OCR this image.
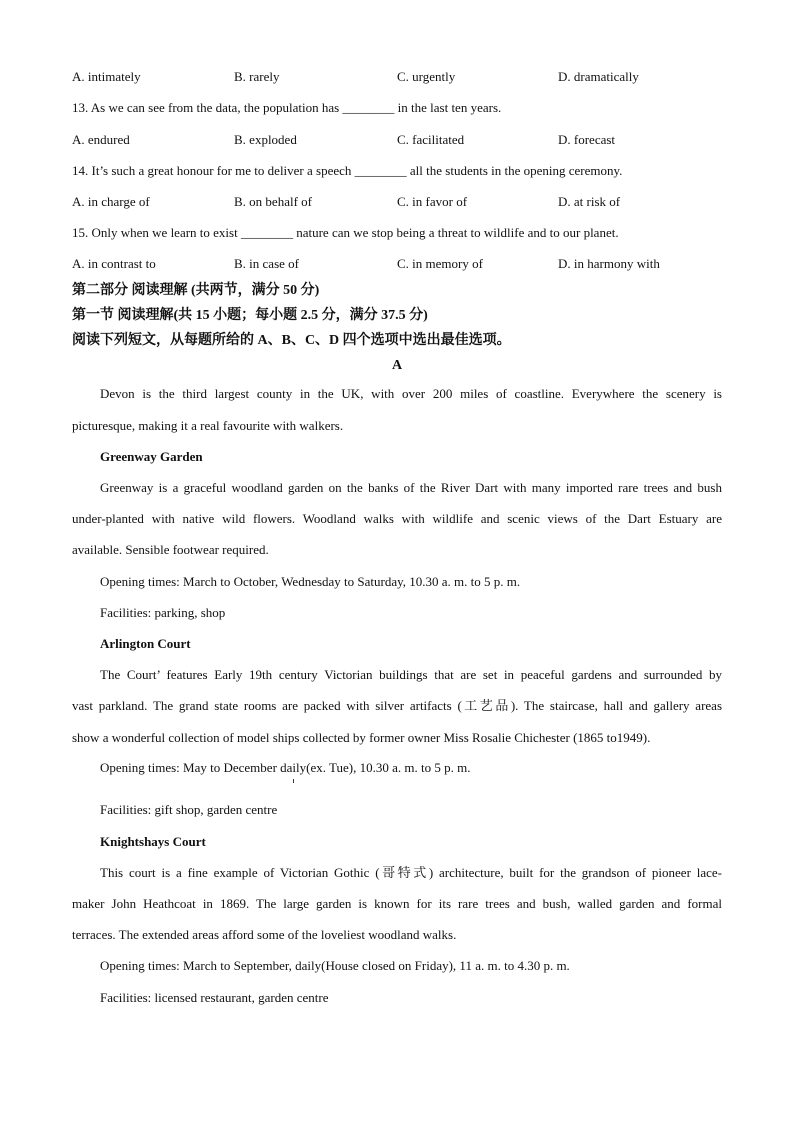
A. intimately	B. rarely	C. urgently	D. dramatically
13. As we can see from the data, the population has ________ in the last ten years.
A. endured	B. exploded	C. facilitated	D. forecast
14. It’s such a great honour for me to deliver a speech ________ all the students in the opening ceremony.
A. in charge of	B. on behalf of	C. in favor of	D. at risk of
15. Only when we learn to exist ________ nature can we stop being a threat to wildlife and to our planet.
A. in contrast to	B. in case of	C. in memory of	D. in harmony with
第二部分 阅读理解 (共两节，满分 50 分)
第一节 阅读理解(共 15 小题；每小题 2.5 分，满分 37.5 分)
阅读下列短文，从每题所给的 A、B、C、D 四个选项中选出最佳选项。
A
Devon is the third largest county in the UK, with over 200 miles of coastline. Everywhere the scenery is
picturesque, making it a real favourite with walkers.
Greenway Garden
Greenway is a graceful woodland garden on the banks of the River Dart with many imported rare trees and bush
under-planted with native wild flowers. Woodland walks with wildlife and scenic views of the Dart Estuary are
available. Sensible footwear required.
Opening times: March to October, Wednesday to Saturday, 10.30 a. m. to 5 p. m.
Facilities: parking, shop
Arlington Court
The Court’ features Early 19th century Victorian buildings that are set in peaceful gardens and surrounded by
vast parkland. The grand state rooms are packed with silver artifacts (工艺品). The staircase, hall and gallery areas
show a wonderful collection of model ships collected by former owner Miss Rosalie Chichester (1865 to1949).
Opening times: May to December daily(ex. Tue), 10.30 a. m. to 5 p. m.
Facilities: gift shop, garden centre
Knightshays Court
This court is a fine example of Victorian Gothic (哥特式) architecture, built for the grandson of pioneer lace-
maker John Heathcoat in 1869. The large garden is known for its rare trees and bush, walled garden and formal
terraces. The extended areas afford some of the loveliest woodland walks.
Opening times: March to September, daily(House closed on Friday), 11 a. m. to 4.30 p. m.
Facilities: licensed restaurant, garden centre
